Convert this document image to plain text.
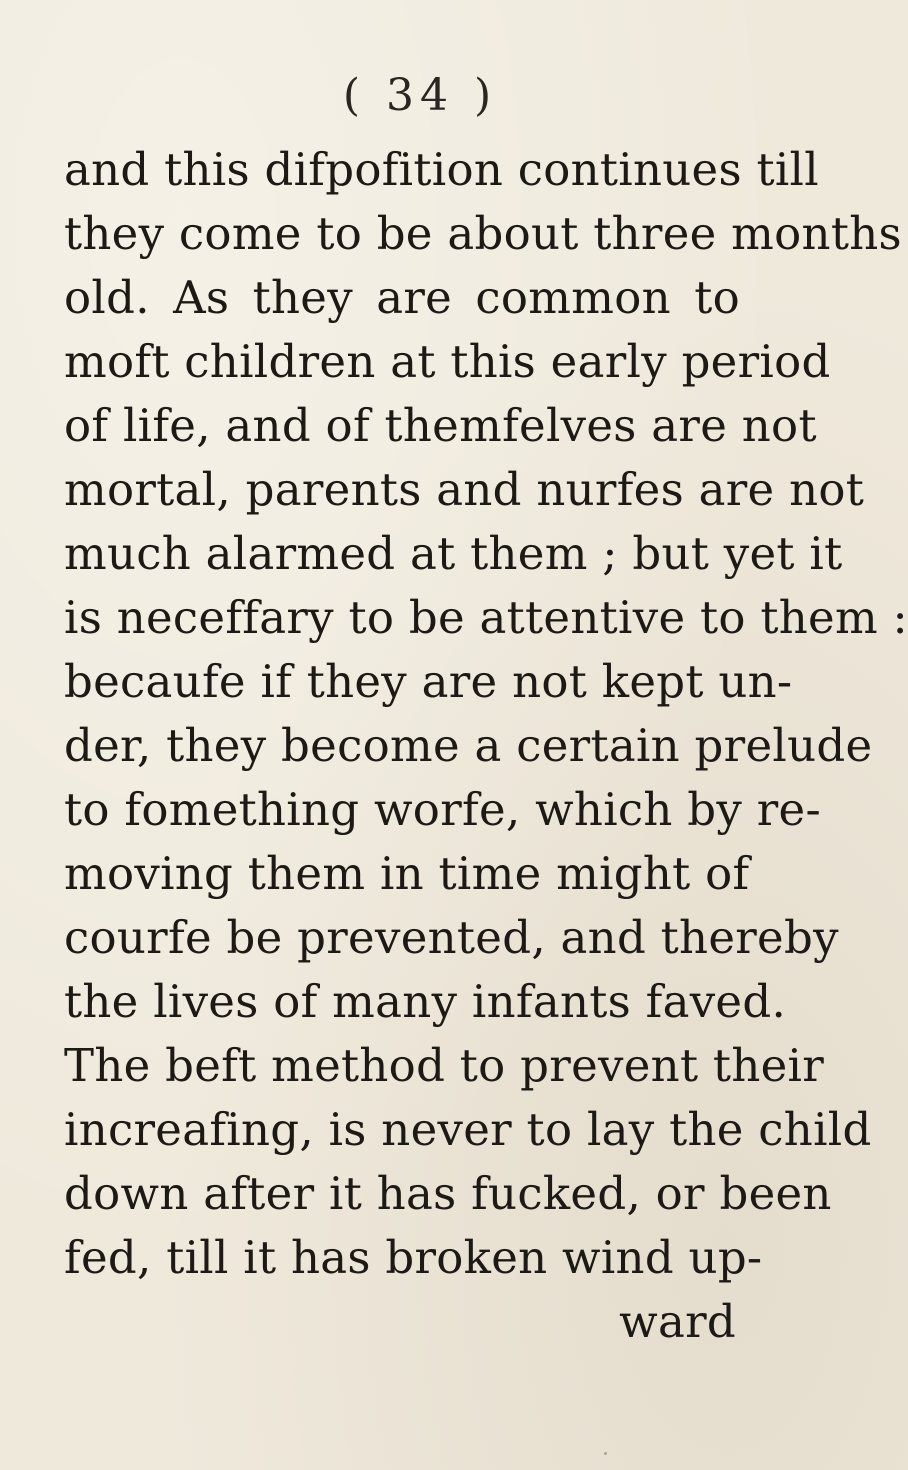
( 34 )
and this difpofition continues till
they come to be about three months
old. As they are common to
moft children at this early period
of life, and of themfelves are not
mortal, parents and nurfes are not
much alarmed at them ; but yet it
is neceffary to be attentive to them :
becaufe if they are not kept un-
der, they become a certain prelude
to fomething worfe, which by re-
moving them in time might of
courfe be prevented, and thereby
the lives of many infants faved.
The beft method to prevent their
increafing, is never to lay the child
down after it has fucked, or been
fed, till it has broken wind up-
ward
